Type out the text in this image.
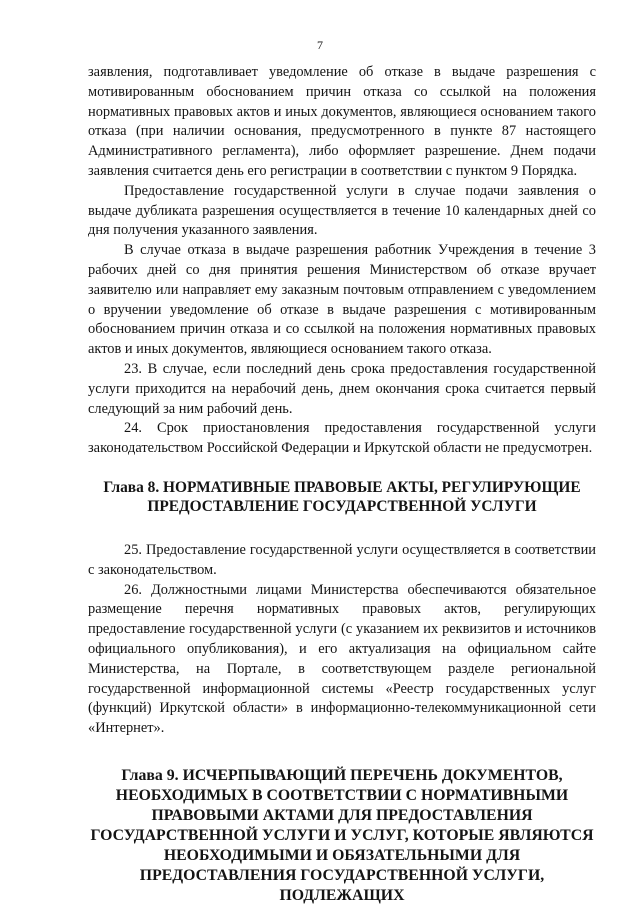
7

заявления, подготавливает уведомление об отказе в выдаче разрешения с мотивированным обоснованием причин отказа со ссылкой на положения нормативных правовых актов и иных документов, являющиеся основанием такого отказа (при наличии основания, предусмотренного в пункте 87 настоящего Административного регламента), либо оформляет разрешение. Днем подачи заявления считается день его регистрации в соответствии с пунктом 9 Порядка.

Предоставление государственной услуги в случае подачи заявления о выдаче дубликата разрешения осуществляется в течение 10 календарных дней со дня получения указанного заявления.

В случае отказа в выдаче разрешения работник Учреждения в течение 3 рабочих дней со дня принятия решения Министерством об отказе вручает заявителю или направляет ему заказным почтовым отправлением с уведомлением о вручении уведомление об отказе в выдаче разрешения с мотивированным обоснованием причин отказа и со ссылкой на положения нормативных правовых актов и иных документов, являющиеся основанием такого отказа.

23. В случае, если последний день срока предоставления государственной услуги приходится на нерабочий день, днем окончания срока считается первый следующий за ним рабочий день.

24. Срок приостановления предоставления государственной услуги законодательством Российской Федерации и Иркутской области не предусмотрен.

Глава 8. НОРМАТИВНЫЕ ПРАВОВЫЕ АКТЫ, РЕГУЛИРУЮЩИЕ ПРЕДОСТАВЛЕНИЕ ГОСУДАРСТВЕННОЙ УСЛУГИ

25. Предоставление государственной услуги осуществляется в соответствии с законодательством.

26. Должностными лицами Министерства обеспечиваются обязательное размещение перечня нормативных правовых актов, регулирующих предоставление государственной услуги (с указанием их реквизитов и источников официального опубликования), и его актуализация на официальном сайте Министерства, на Портале, в соответствующем разделе региональной государственной информационной системы «Реестр государственных услуг (функций) Иркутской области» в информационно-телекоммуникационной сети «Интернет».

Глава 9. ИСЧЕРПЫВАЮЩИЙ ПЕРЕЧЕНЬ ДОКУМЕНТОВ, НЕОБХОДИМЫХ В СООТВЕТСТВИИ С НОРМАТИВНЫМИ ПРАВОВЫМИ АКТАМИ ДЛЯ ПРЕДОСТАВЛЕНИЯ ГОСУДАРСТВЕННОЙ УСЛУГИ И УСЛУГ, КОТОРЫЕ ЯВЛЯЮТСЯ НЕОБХОДИМЫМИ И ОБЯЗАТЕЛЬНЫМИ ДЛЯ ПРЕДОСТАВЛЕНИЯ ГОСУДАРСТВЕННОЙ УСЛУГИ, ПОДЛЕЖАЩИХ
